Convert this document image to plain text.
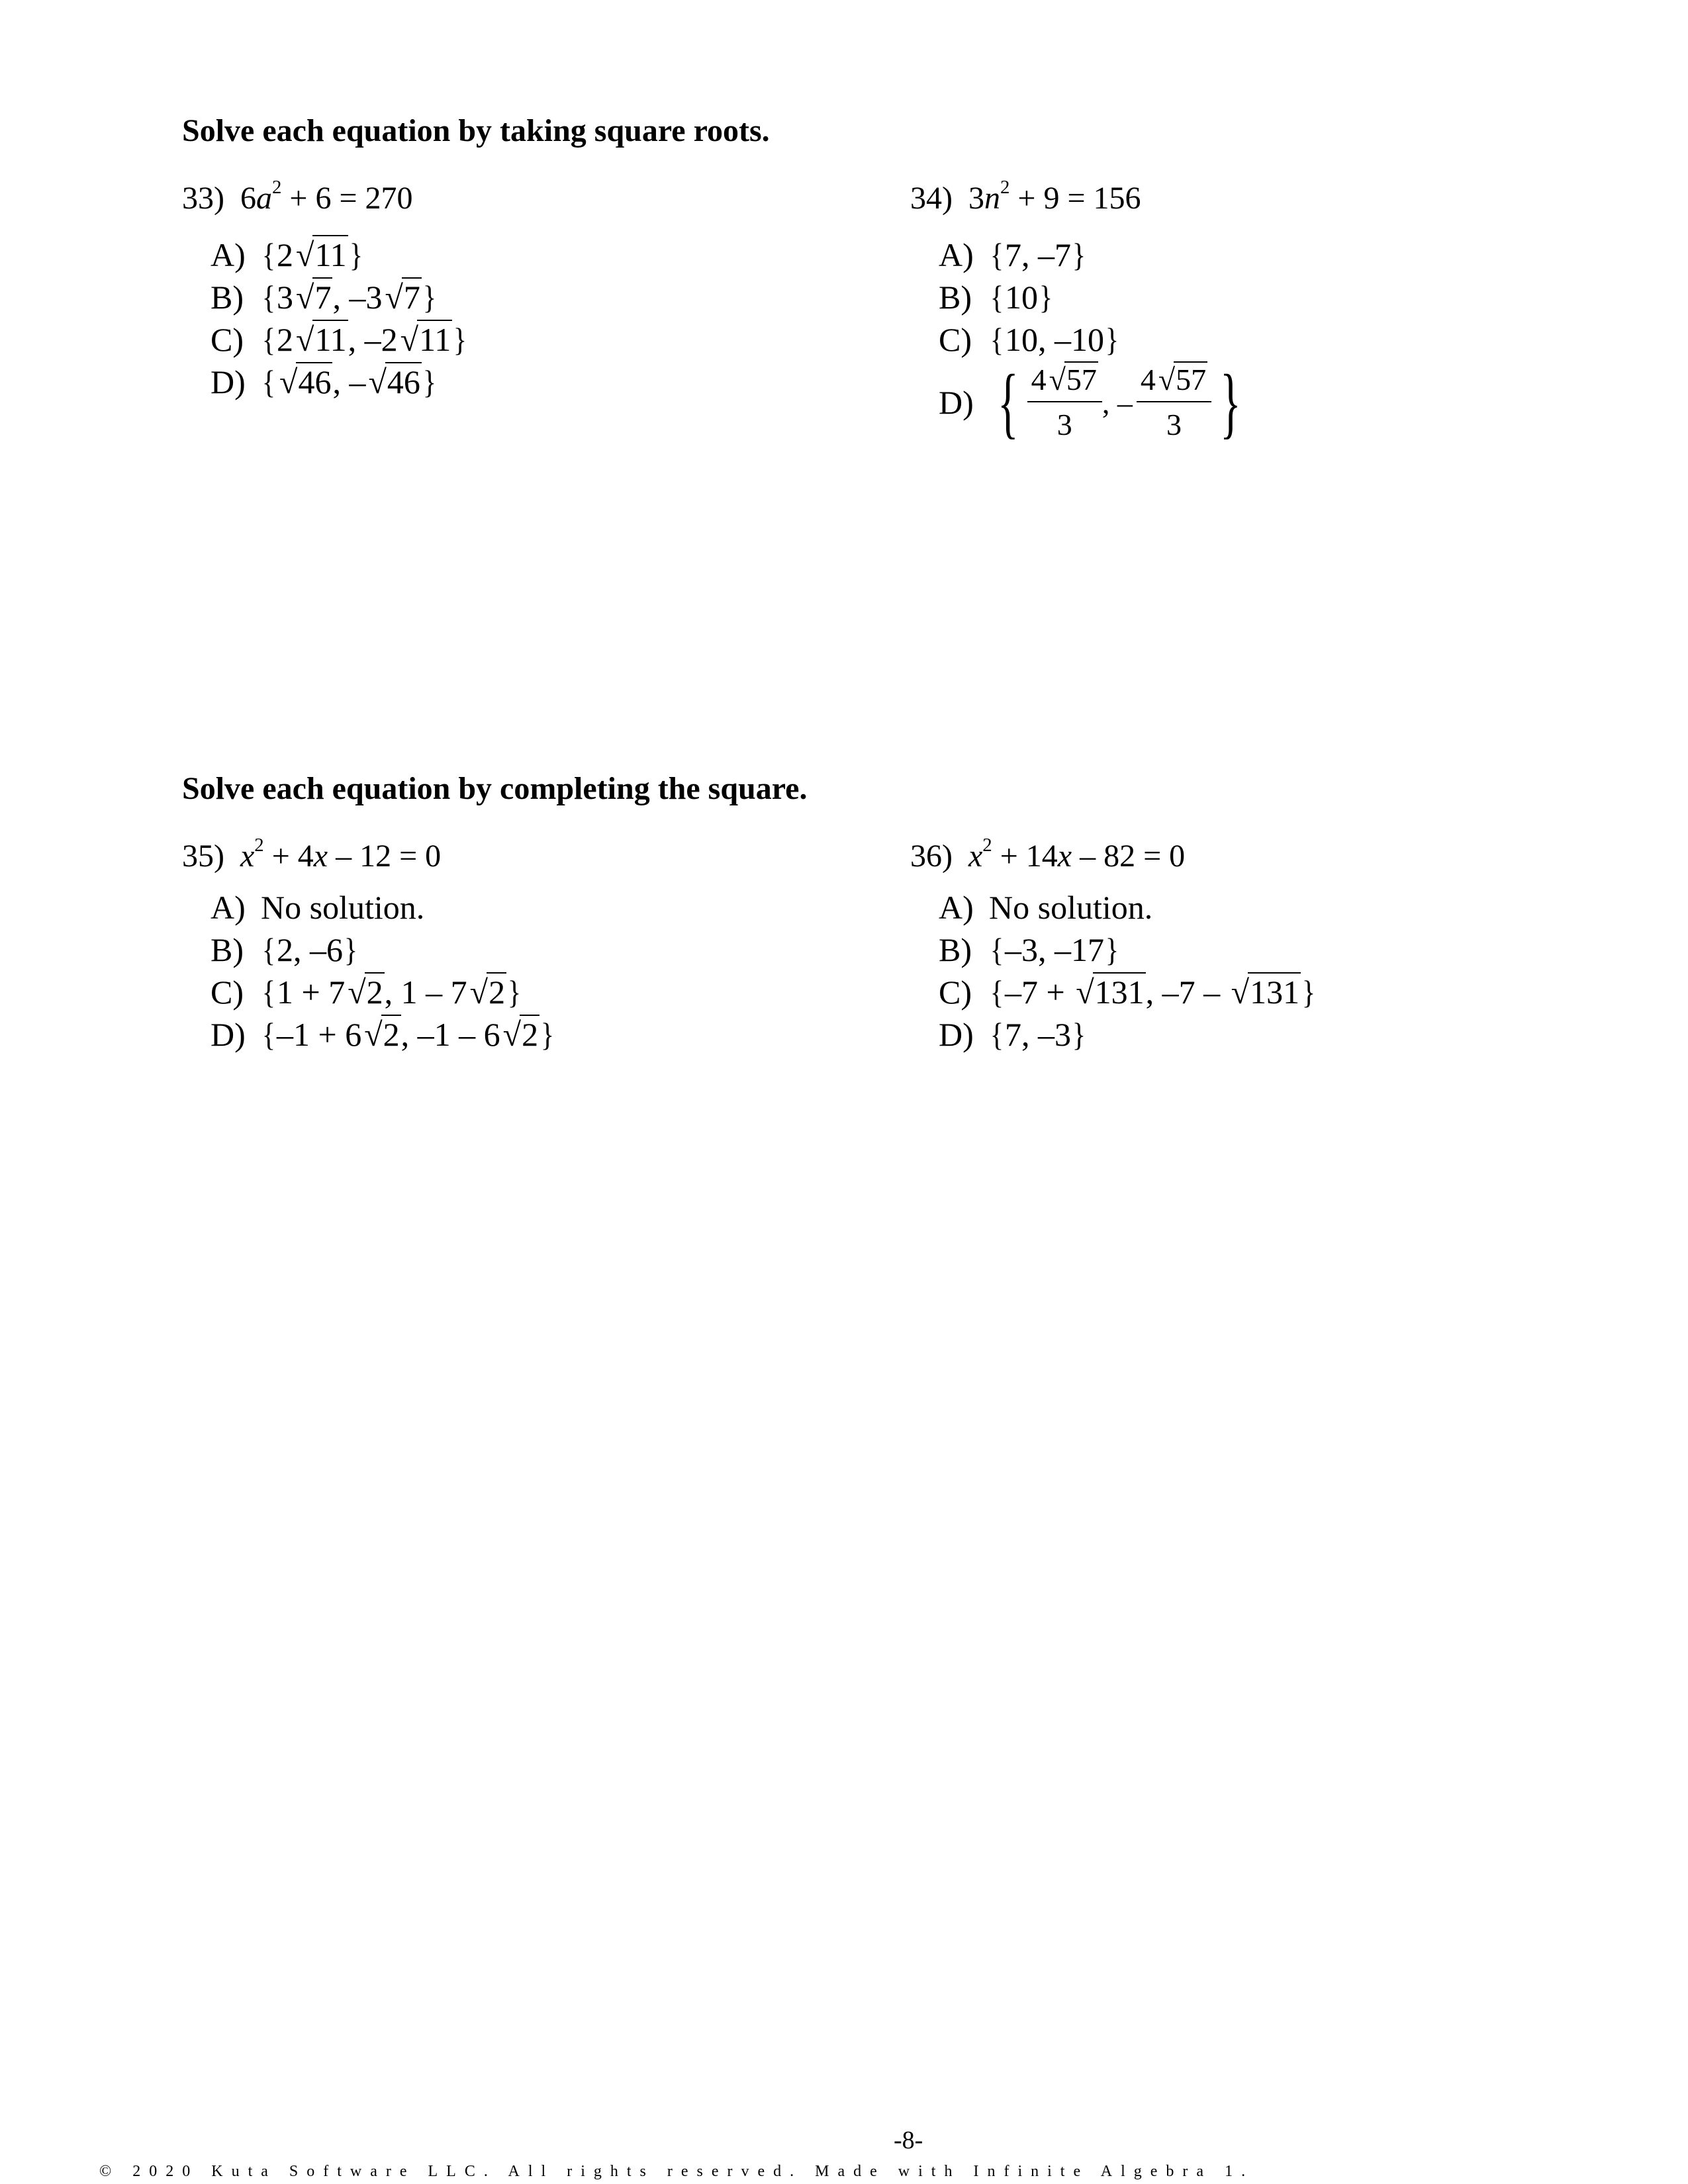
Solve each equation by taking square roots.
33) $6a^2 + 6 = 270$
A) {2√11}
B) {3√7, –3√7}
C) {2√11, –2√11}
D) { √46, –√46}
34) $3n^2 + 9 = 156$
A) {7, –7}
B) {10}
C) {10, –10}
D) { $\frac{4√57}{3}$ , – $\frac{4√57}{3}$ }
Solve each equation by completing the square.
35) $x^2 + 4x - 12 = 0$
A) No solution.
B) {2, –6}
C) {1 + 7√2, 1 – 7√2}
D) {–1 + 6√2, –1 – 6√2}
36) $x^2 + 14x - 82 = 0$
A) No solution.
B) {–3, –17}
C) {–7 + √131, –7 – √131}
D) {7, –3}
-8-
© 2020 Kuta Software LLC. All rights reserved. Made with Infinite Algebra 1.
